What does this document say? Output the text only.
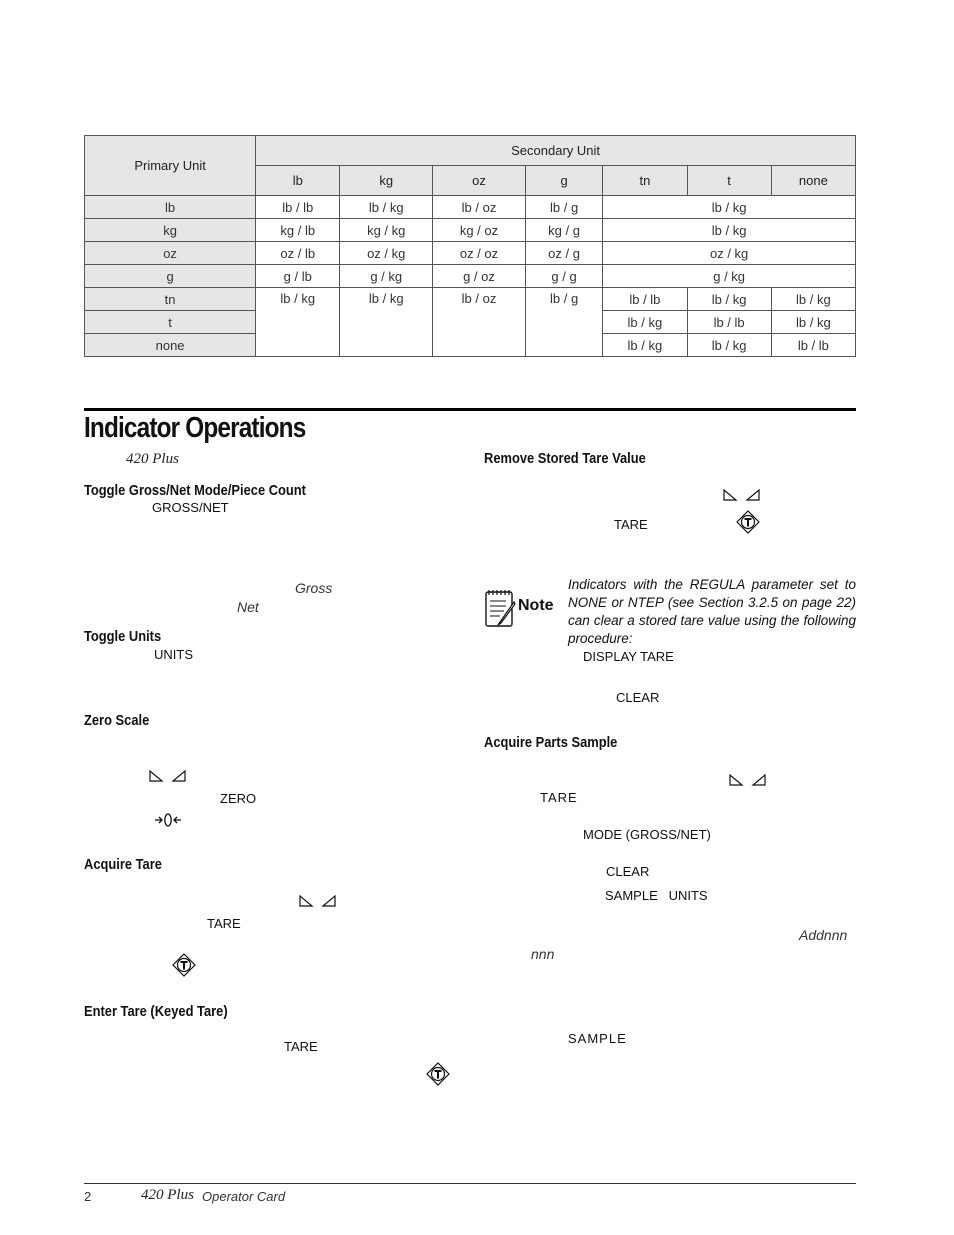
Primary Unit	Secondary Unit						
	lb	kg	oz	g	tn	t	none
lb	lb / lb	lb / kg	lb / oz	lb / g	lb / kg		
kg	kg / lb	kg / kg	kg / oz	kg / g	lb / kg		
oz	oz / lb	oz / kg	oz / oz	oz / g	oz / kg		
g	g / lb	g / kg	g / oz	g / g	g / kg		
tn	lb / kg	lb / kg	lb / oz	lb / g	lb / lb	lb / kg	lb / kg
t					lb / kg	lb / lb	lb / kg
none					lb / kg	lb / kg	lb / lb
Indicator Operations
420 Plus
Toggle Gross/Net Mode/Piece Count
GROSS/NET
Gross
Net
Toggle Units
UNITS
Zero Scale
ZERO
Acquire Tare
TARE
Enter Tare (Keyed Tare)
TARE
Remove Stored Tare Value
TARE
Note
Indicators with the REGULA parameter set to NONE or NTEP (see Section 3.2.5 on page 22) can clear a stored tare value using the following procedure:
DISPLAY TARE
CLEAR
Acquire Parts Sample
TARE
MODE (GROSS/NET)
CLEAR
SAMPLE   UNITS
Addnnn
nnn
SAMPLE
2	420 Plus Operator Card
